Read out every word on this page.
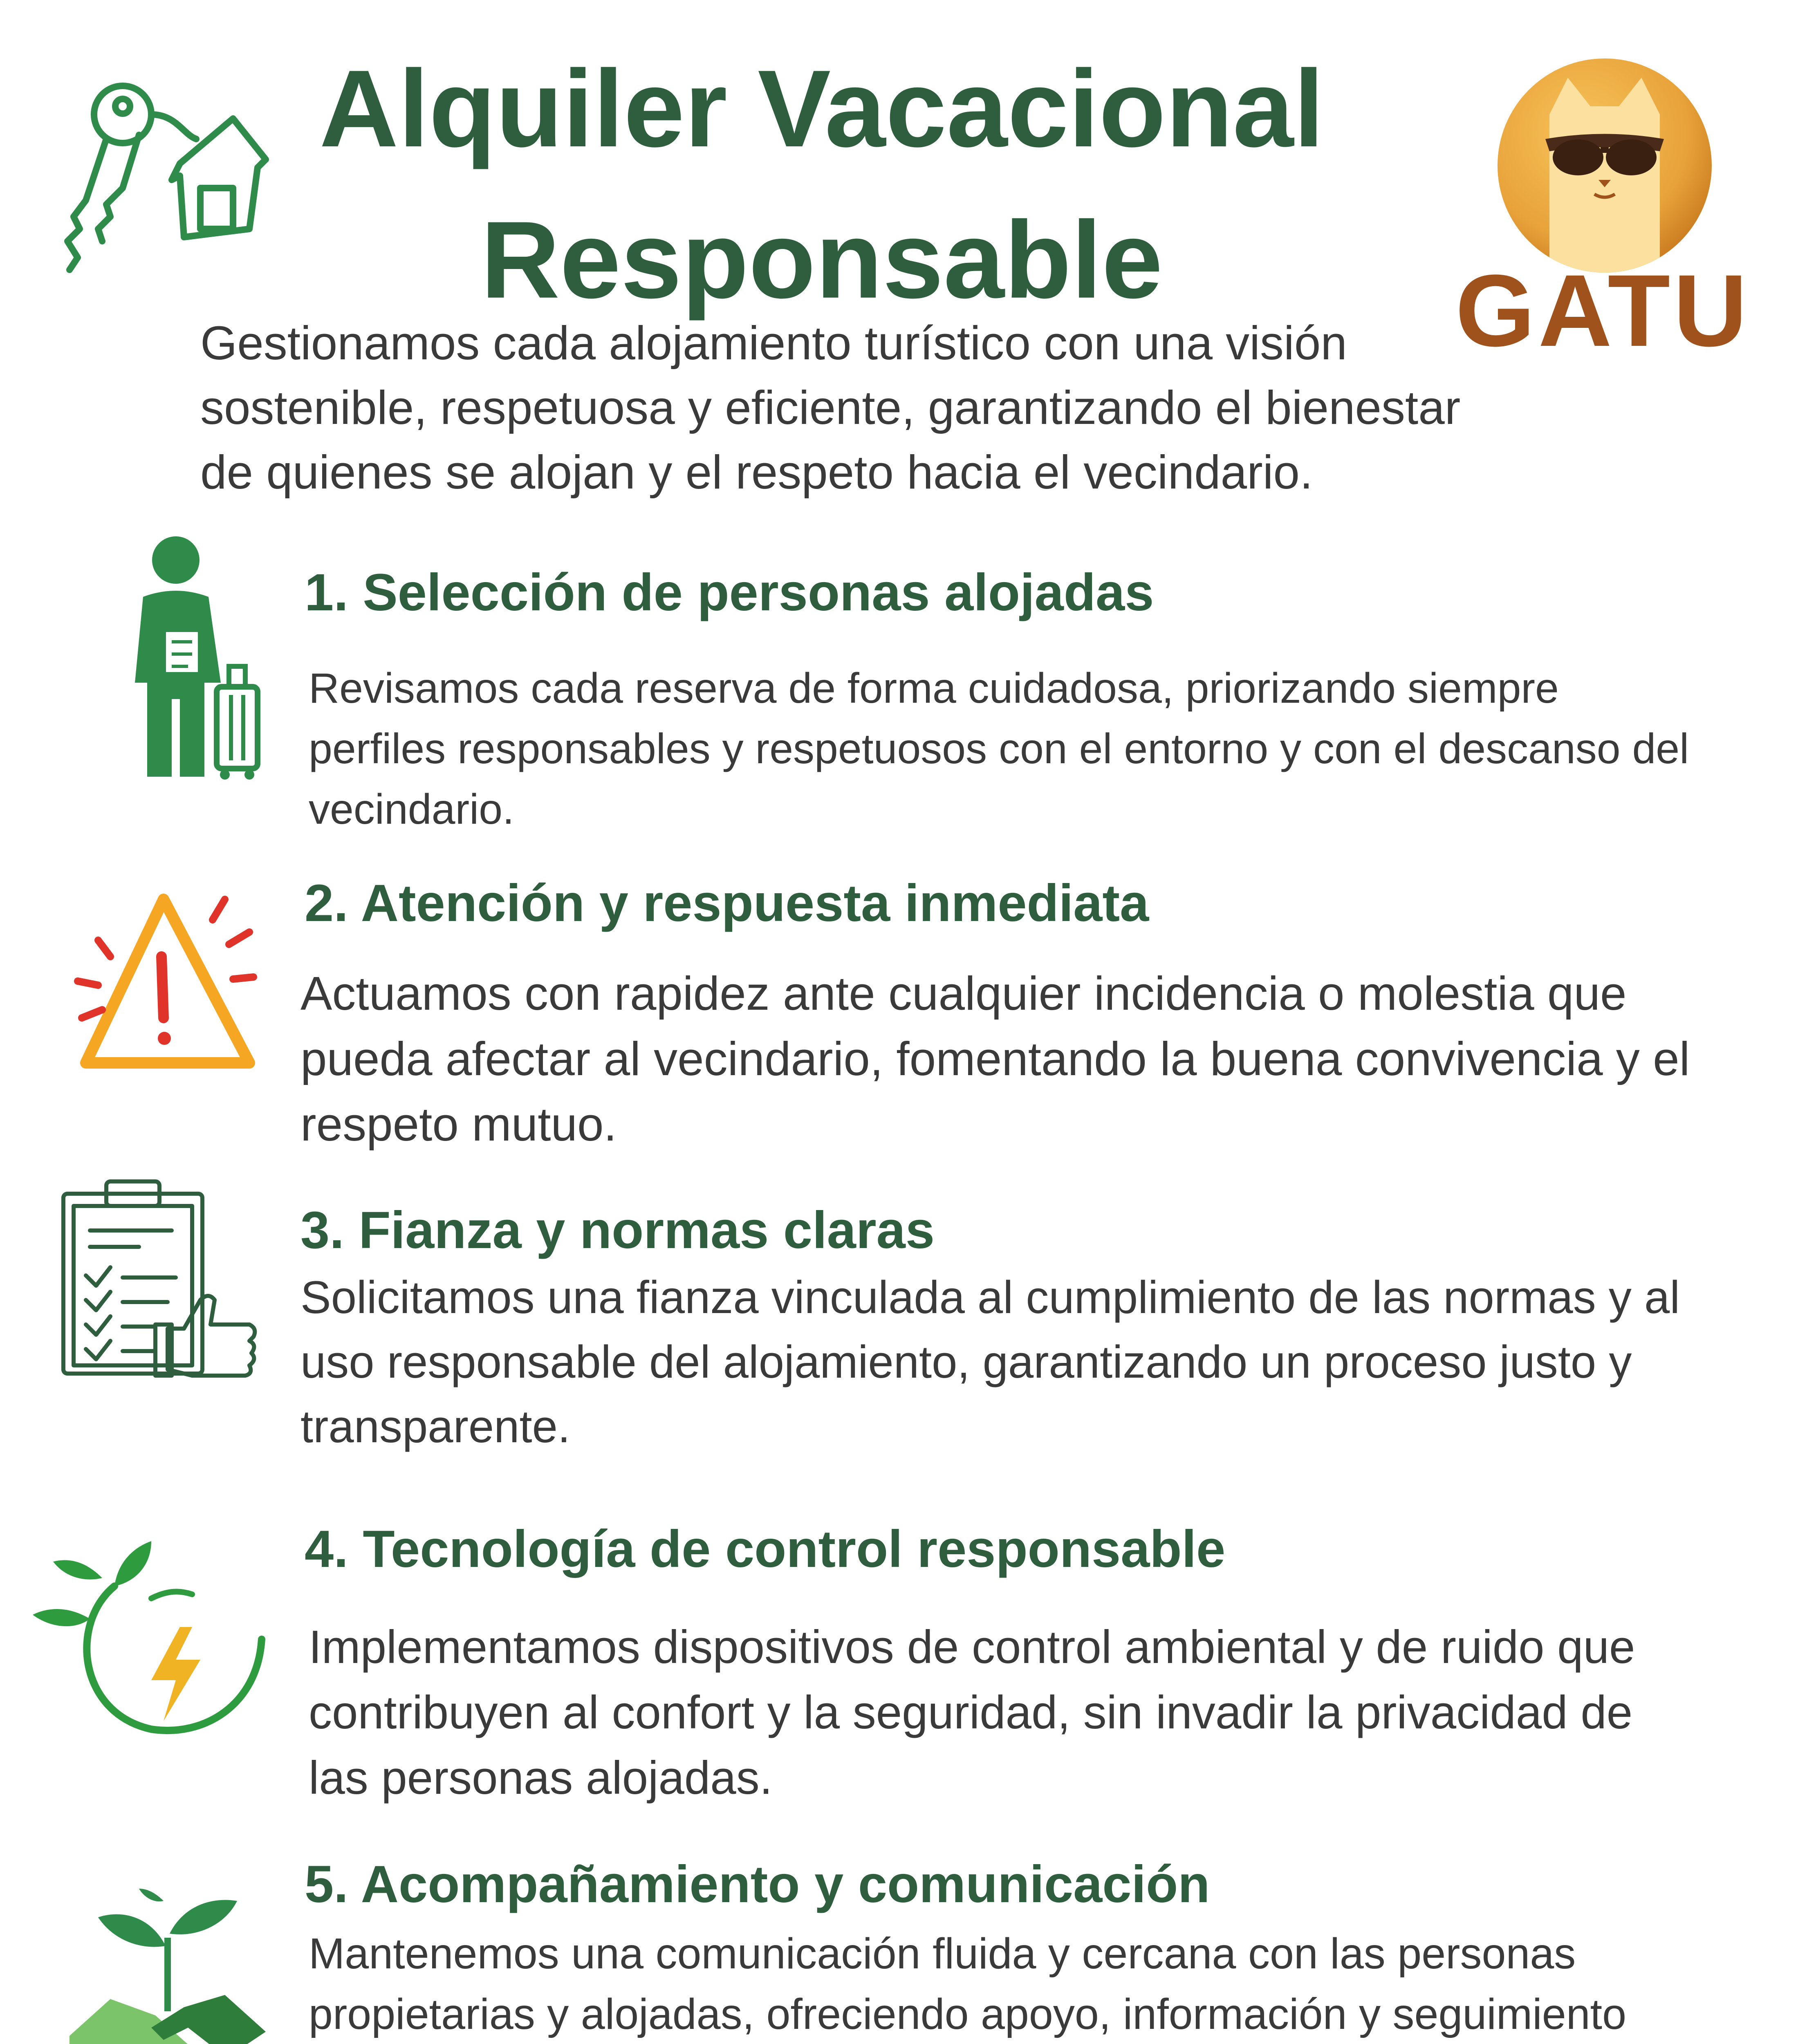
Alquiler Vacacional
Responsable	GATU

Gestionamos cada alojamiento turístico con una visión sostenible, respetuosa y eficiente, garantizando el bienestar de quienes se alojan y el respeto hacia el vecindario.

1. Selección de personas alojadas

Revisamos cada reserva de forma cuidadosa, priorizando siempre perfiles responsables y respetuosos con el entorno y con el descanso del vecindario.

2. Atención y respuesta inmediata

Actuamos con rapidez ante cualquier incidencia o molestia que pueda afectar al vecindario, fomentando la buena convivencia y el respeto mutuo.

3. Fianza y normas claras

Solicitamos una fianza vinculada al cumplimiento de las normas y al uso responsable del alojamiento, garantizando un proceso justo y transparente.

4. Tecnología de control responsable

Implementamos dispositivos de control ambiental y de ruido que contribuyen al confort y la seguridad, sin invadir la privacidad de las personas alojadas.

5. Acompañamiento y comunicación

Mantenemos una comunicación fluida y cercana con las personas propietarias y alojadas, ofreciendo apoyo, información y seguimiento
